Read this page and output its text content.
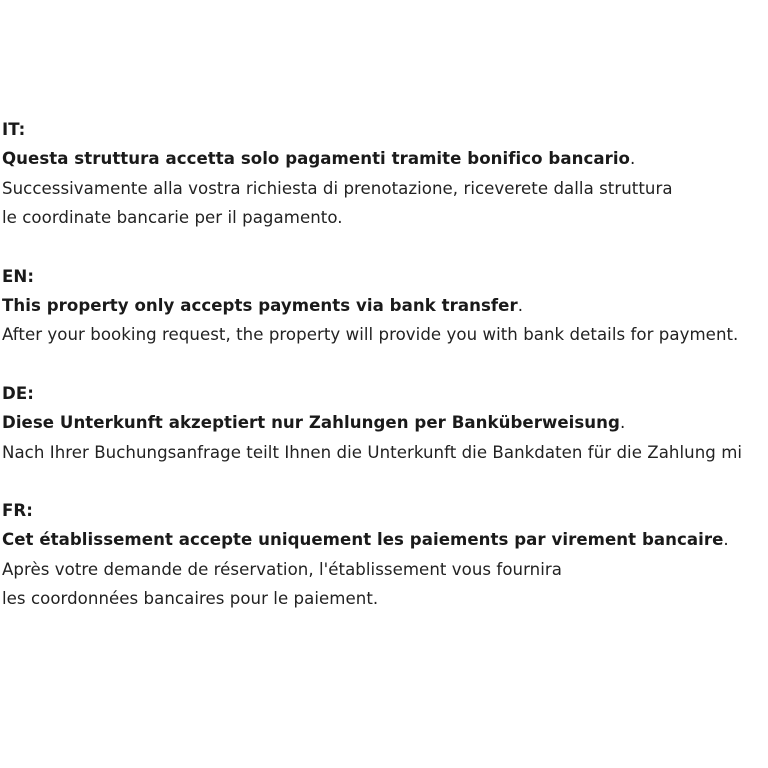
IT:
Questa struttura accetta solo pagamenti tramite bonifico bancario.
Successivamente alla vostra richiesta di prenotazione, riceverete dalla struttura
le coordinate bancarie per il pagamento.
EN:
This property only accepts payments via bank transfer.
After your booking request, the property will provide you with bank details for payment.
DE:
Diese Unterkunft akzeptiert nur Zahlungen per Banküberweisung.
Nach Ihrer Buchungsanfrage teilt Ihnen die Unterkunft die Bankdaten für die Zahlung mi
FR:
Cet établissement accepte uniquement les paiements par virement bancaire.
Après votre demande de réservation, l'établissement vous fournira
les coordonnées bancaires pour le paiement.
